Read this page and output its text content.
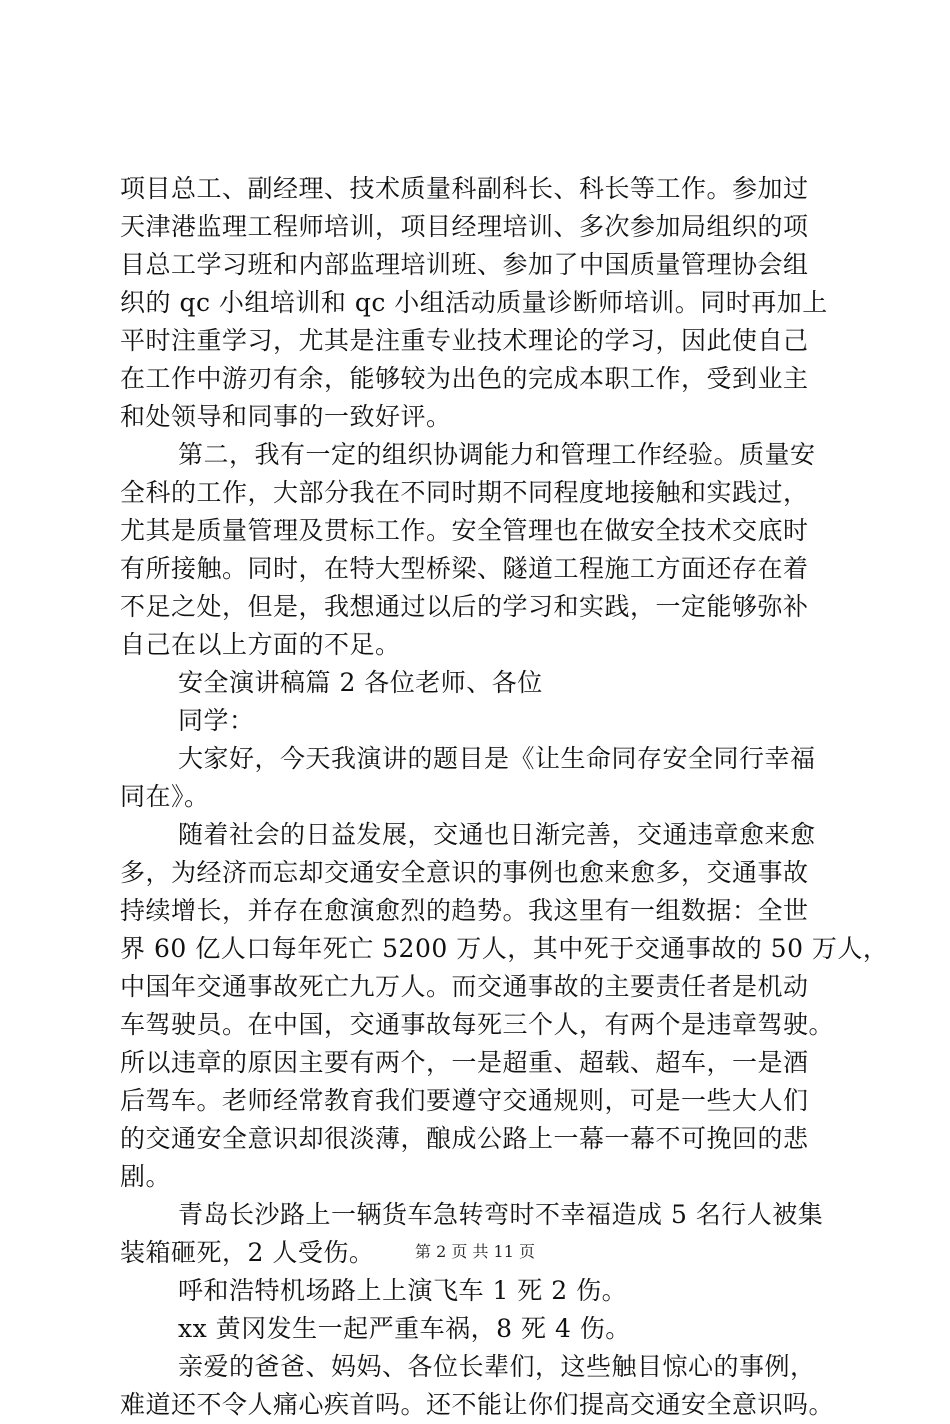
项目总工、副经理、技术质量科副科长、科长等工作。参加过
天津港监理工程师培训，项目经理培训、多次参加局组织的项
目总工学习班和内部监理培训班、参加了中国质量管理协会组
织的 qc 小组培训和 qc 小组活动质量诊断师培训。同时再加上
平时注重学习，尤其是注重专业技术理论的学习，因此使自己
在工作中游刃有余，能够较为出色的完成本职工作，受到业主
和处领导和同事的一致好评。
第二，我有一定的组织协调能力和管理工作经验。质量安
全科的工作，大部分我在不同时期不同程度地接触和实践过，
尤其是质量管理及贯标工作。安全管理也在做安全技术交底时
有所接触。同时，在特大型桥梁、隧道工程施工方面还存在着
不足之处，但是，我想通过以后的学习和实践，一定能够弥补
自己在以上方面的不足。
安全演讲稿篇 2 各位老师、各位
同学：
大家好，今天我演讲的题目是《让生命同存安全同行幸福
同在》。
随着社会的日益发展，交通也日渐完善，交通违章愈来愈
多，为经济而忘却交通安全意识的事例也愈来愈多，交通事故
持续增长，并存在愈演愈烈的趋势。我这里有一组数据：全世
界 60 亿人口每年死亡 5200 万人，其中死于交通事故的 50 万人，
中国年交通事故死亡九万人。而交通事故的主要责任者是机动
车驾驶员。在中国，交通事故每死三个人，有两个是违章驾驶。
所以违章的原因主要有两个，一是超重、超载、超车，一是酒
后驾车。老师经常教育我们要遵守交通规则，可是一些大人们
的交通安全意识却很淡薄，酿成公路上一幕一幕不可挽回的悲
剧。
青岛长沙路上一辆货车急转弯时不幸福造成 5 名行人被集
装箱砸死，2 人受伤。
呼和浩特机场路上上演飞车 1 死 2 伤。
xx 黄冈发生一起严重车祸，8 死 4 伤。
亲爱的爸爸、妈妈、各位长辈们，这些触目惊心的事例，
难道还不令人痛心疾首吗。还不能让你们提高交通安全意识吗。
第 2 页 共 11 页
